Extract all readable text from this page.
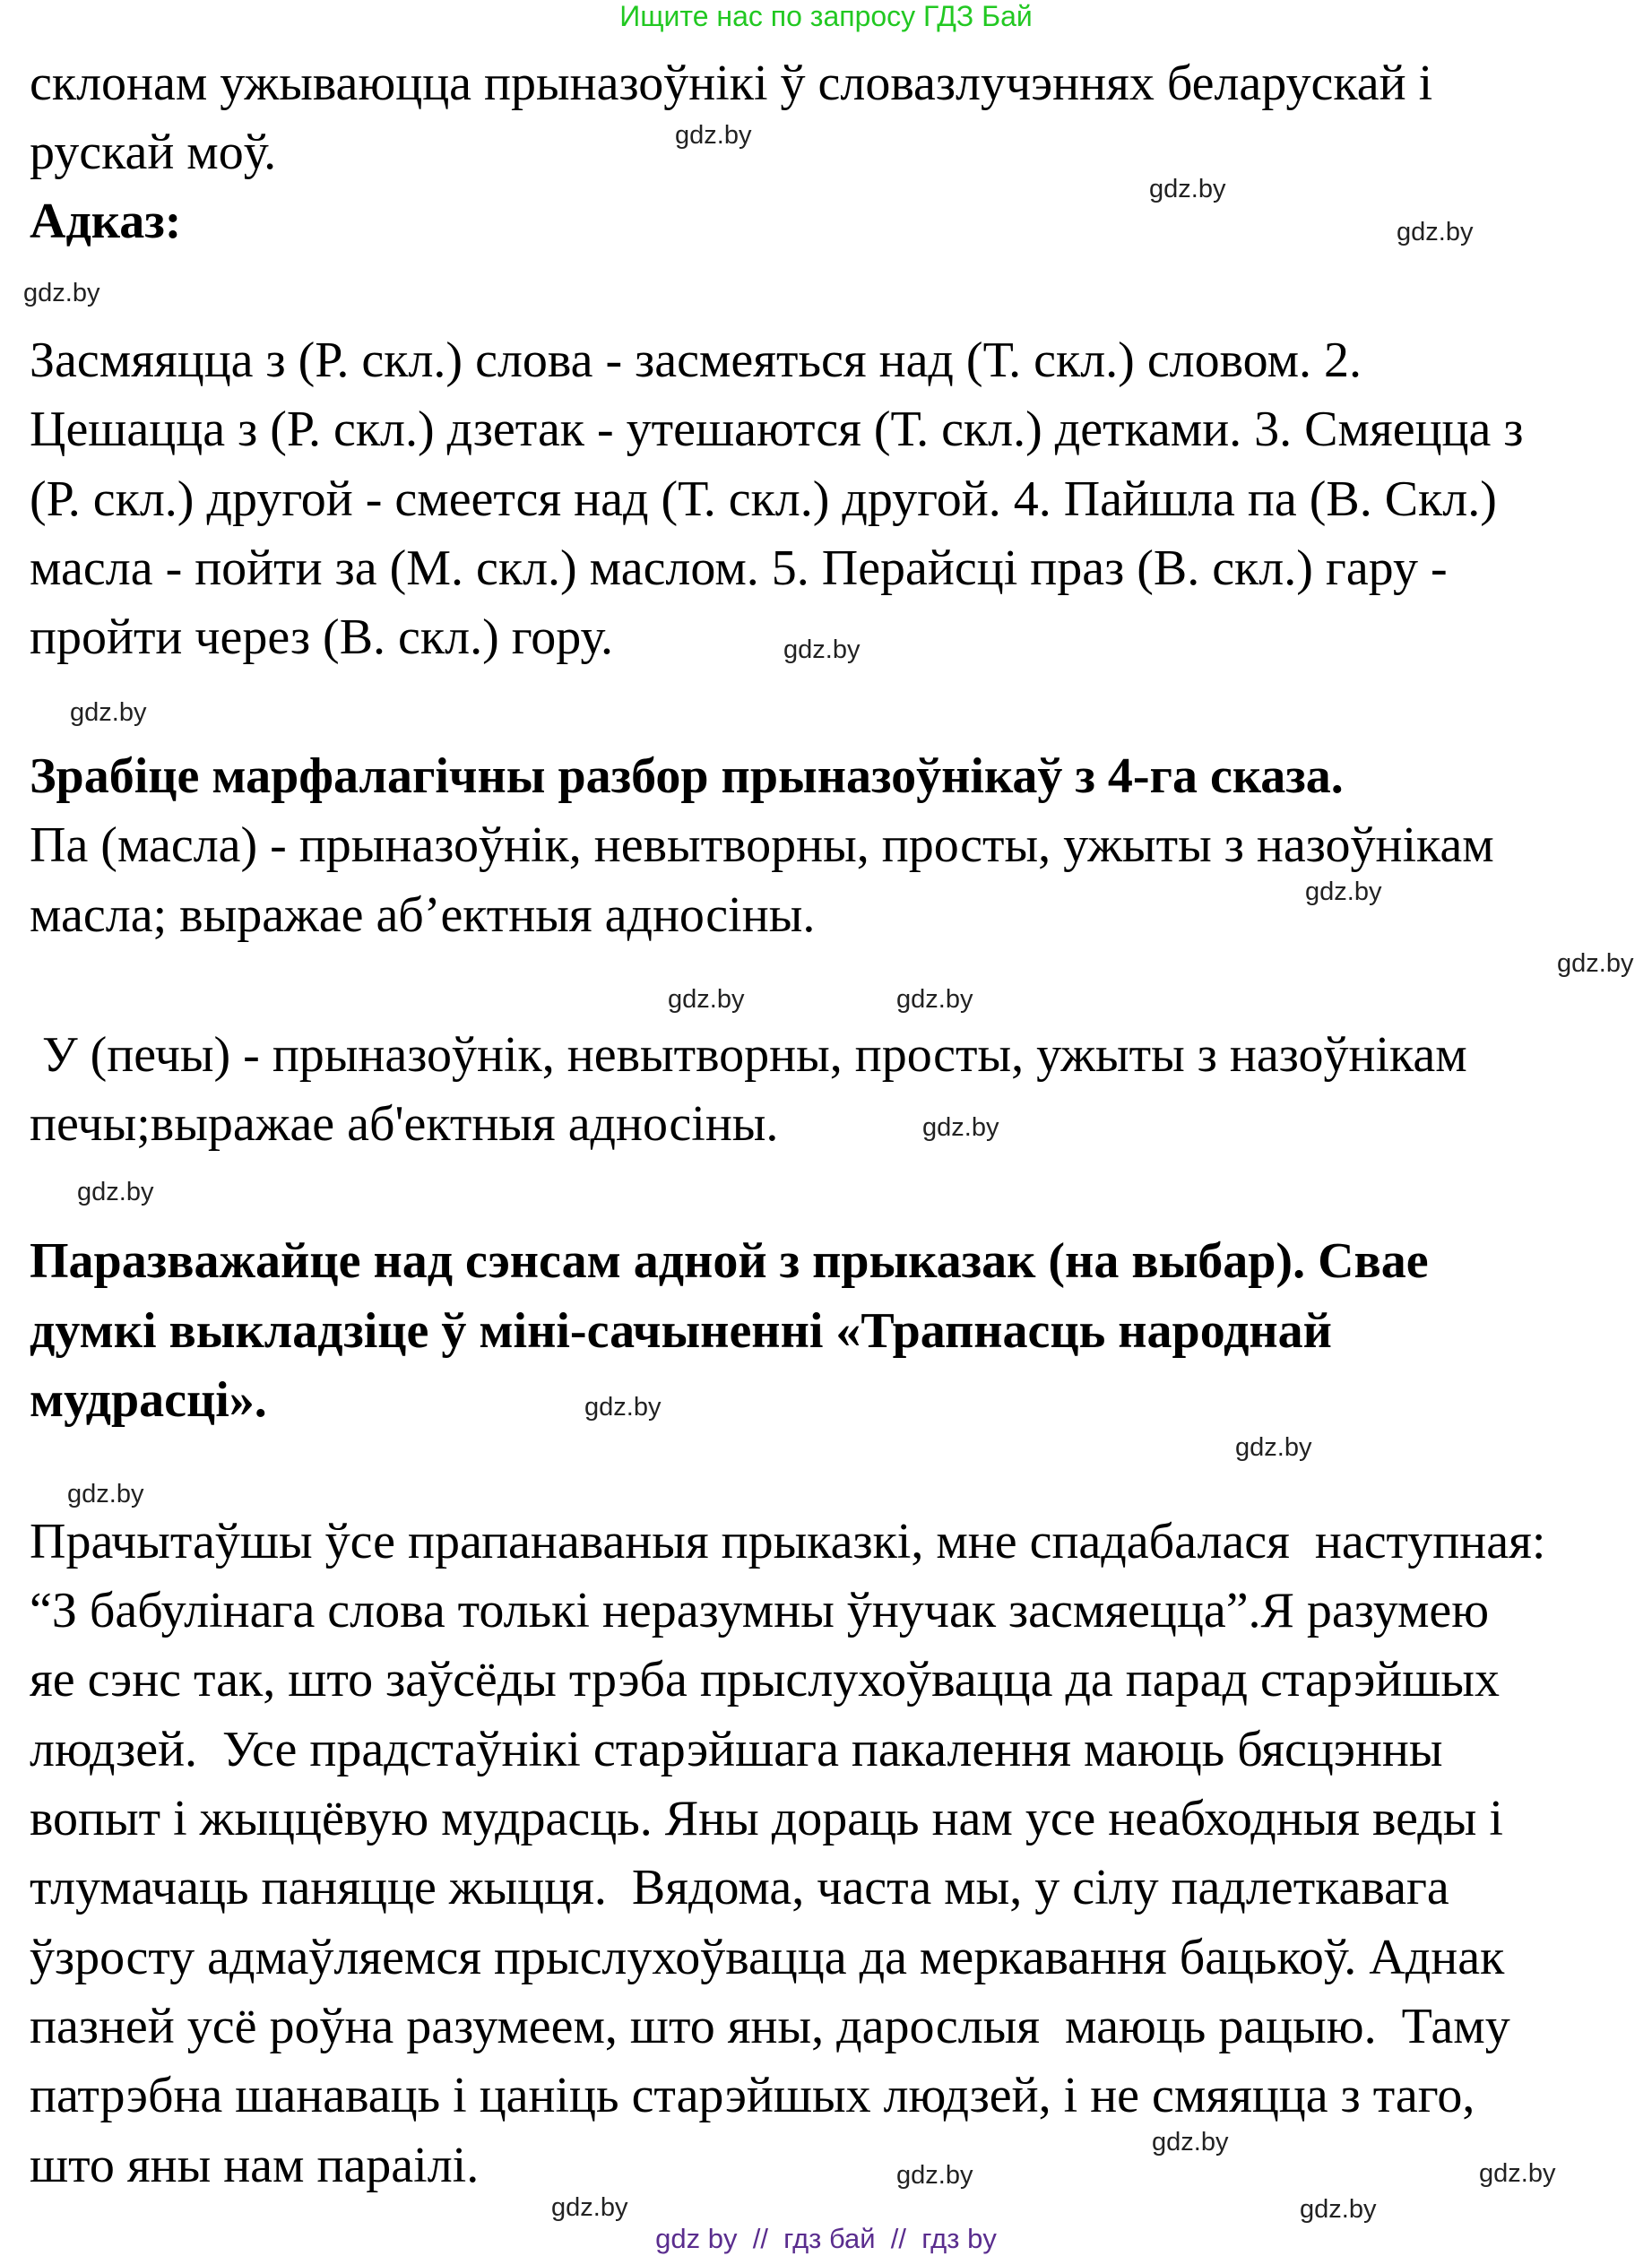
Ищите нас по запросу ГДЗ Бай
склонам ужываюцца прыназоўнікі ў словазлучэннях беларускай і
рускай моў.
Адказ:
Засмяяцца з (Р. скл.) слова - засмеяться над (Т. скл.) словом. 2.
Цешацца з (Р. скл.) дзетак - утешаются (Т. скл.) детками. 3. Смяецца з
(Р. скл.) другой - смеется над (Т. скл.) другой. 4. Пайшла па (В. Скл.)
масла - пойти за (М. скл.) маслом. 5. Перайсці праз (В. скл.) гару -
пройти через (В. скл.) гору.
Зрабіце марфалагічны разбор прыназоўнікаў з 4-га сказа.
Па (масла) - прыназоўнік, невытворны, просты, ужыты з назоўнікам
масла; выражае аб’ектныя адносіны.
У (печы) - прыназоўнік, невытворны, просты, ужыты з назоўнікам
печы;выражае аб'ектныя адносіны.
Паразважайце над сэнсам адной з прыказак (на выбар). Свае
думкі выкладзіце ў міні-сачыненні «Трапнасць народнай
мудрасці».
Прачытаўшы ўсе прапанаваныя прыказкі, мне спадабалася  наступная:
“З бабулінага слова толькі неразумны ўнучак засмяецца”.Я разумею
яе сэнс так, што заўсёды трэба прыслухоўвацца да парад старэйшых
людзей.  Усе прадстаўнікі старэйшага пакалення маюць бясцэнны
вопыт і жыццёвую мудрасць. Яны дораць нам усе неабходныя веды і
тлумачаць паняцце жыцця.  Вядома, часта мы, у сілу падлеткавага
ўзросту адмаўляемся прыслухоўвацца да меркавання бацькоў. Аднак
пазней усё роўна разумеем, што яны, дарослыя  маюць рацыю.  Таму
патрэбна шанаваць і цаніць старэйшых людзей, і не смяяцца з таго,
што яны нам параілі.
gdz.by
gdz.by
gdz.by
gdz.by
gdz.by
gdz.by
gdz.by
gdz.by
gdz.by
gdz.by
gdz.by
gdz.by
gdz.by
gdz.by
gdz.by
gdz.by
gdz.by
gdz.by
gdz.by
gdz.by
gdz by  //  гдз бай  //  гдз by
